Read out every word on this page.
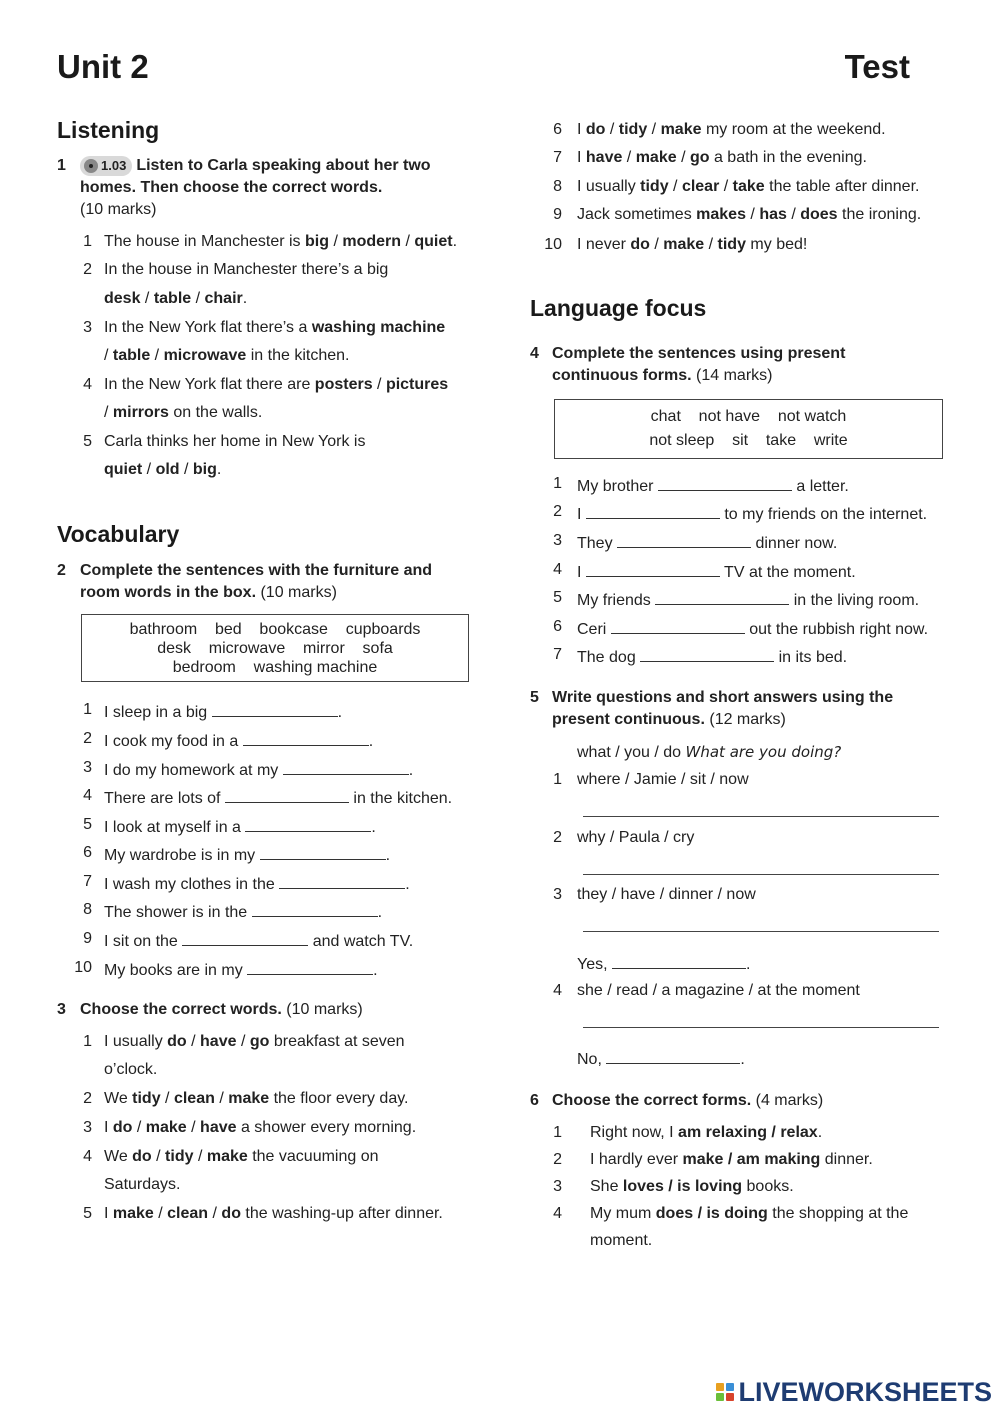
Unit 2	Test
Listening
1	1.03 Listen to Carla speaking about her two
homes. Then choose the correct words.
(10 marks)
1 The house in Manchester is big / modern / quiet.
2 In the house in Manchester there’s a big
desk / table / chair.
3 In the New York flat there’s a washing machine
/ table / microwave in the kitchen.
4 In the New York flat there are posters / pictures
/ mirrors on the walls.
5 Carla thinks her home in New York is
quiet / old / big.
Vocabulary
2 Complete the sentences with the furniture and
room words in the box. (10 marks)
bathroom    bed    bookcase    cupboards
desk    microwave    mirror    sofa
bedroom    washing machine
1 I sleep in a big	.
2 I cook my food in a	.
3 I do my homework at my	.
4 There are lots of	in the kitchen.
5 I look at myself in a	.
6 My wardrobe is in my	.
7 I wash my clothes in the	.
8 The shower is in the	.
9 I sit on the	and watch TV.
10 My books are in my	.
3 Choose the correct words. (10 marks)
1 I usually do / have / go breakfast at seven
o’clock.
2 We tidy / clean / make the floor every day.
3 I do / make / have a shower every morning.
4 We do / tidy / make the vacuuming on
Saturdays.
5 I make / clean / do the washing-up after dinner.
6 I do / tidy / make my room at the weekend.
7 I have / make / go a bath in the evening.
8 I usually tidy / clear / take the table after dinner.
9 Jack sometimes makes / has / does the ironing.
10 I never do / make / tidy my bed!
Language focus
4 Complete the sentences using present
continuous forms. (14 marks)
chat    not have    not watch
not sleep    sit    take    write
1 My brother	a letter.
2 I	to my friends on the internet.
3 They	dinner now.
4 I	TV at the moment.
5 My friends	in the living room.
6 Ceri	out the rubbish right now.
7 The dog	in its bed.
5 Write questions and short answers using the
present continuous. (12 marks)
what / you / do What are you doing?
1 where / Jamie / sit / now
2 why / Paula / cry
3 they / have / dinner / now
Yes,	.
4 she / read / a magazine / at the moment
No,	.
6 Choose the correct forms. (4 marks)
1 Right now, I am relaxing / relax.
2 I hardly ever make / am making dinner.
3 She loves / is loving books.
4 My mum does / is doing the shopping at the
moment.
LIVEWORKSHEETS
